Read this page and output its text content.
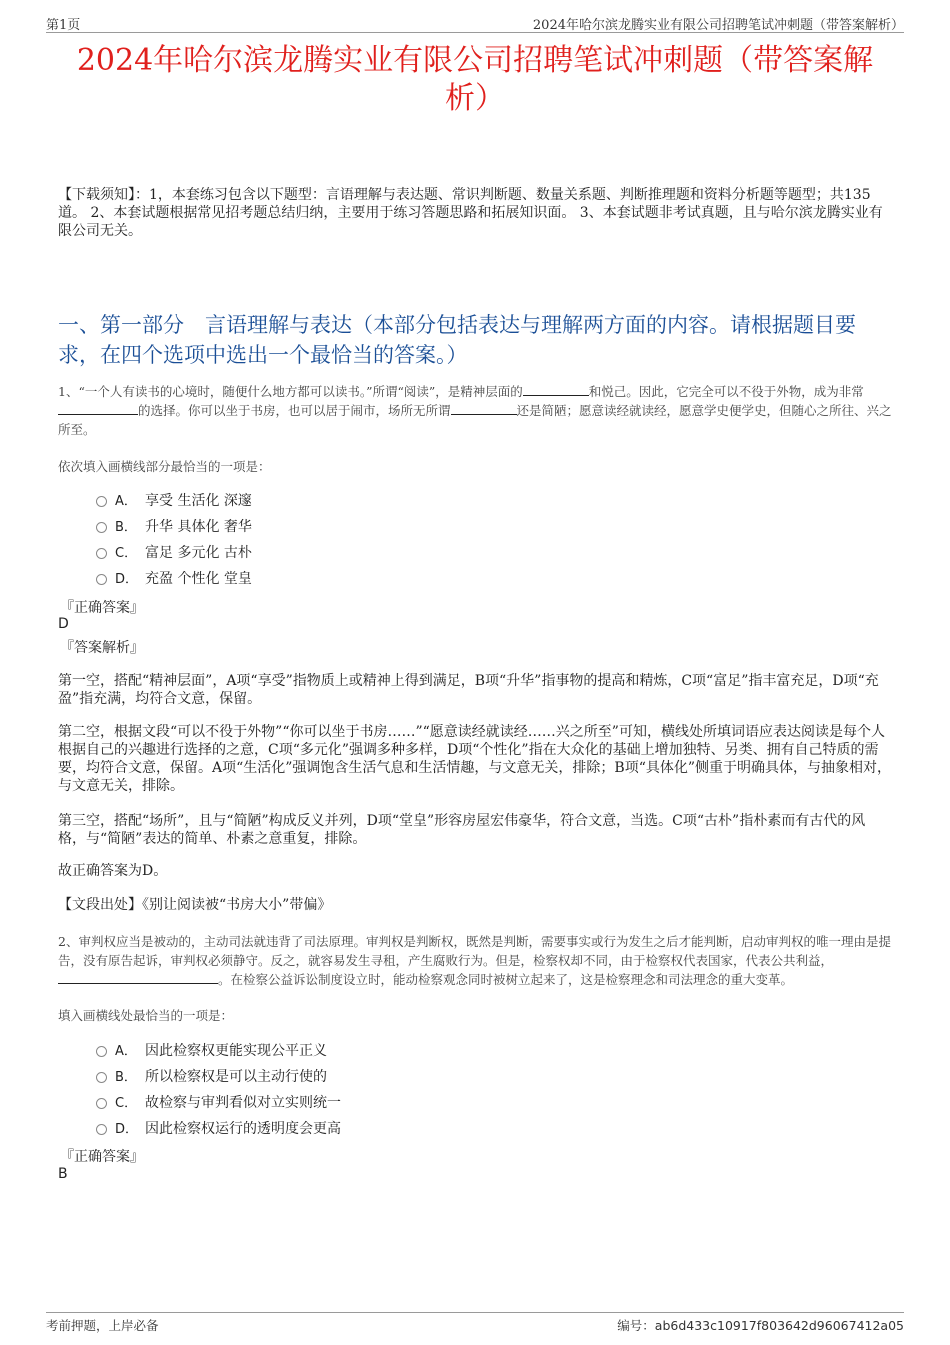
第1页	2024年哈尔滨龙腾实业有限公司招聘笔试冲刺题（带答案解析）
2024年哈尔滨龙腾实业有限公司招聘笔试冲刺题（带答案解析）
【下载须知】：1，本套练习包含以下题型：言语理解与表达题、常识判断题、数量关系题、判断推理题和资料分析题等题型；共135道。 2、本套试题根据常见招考题总结归纳，主要用于练习答题思路和拓展知识面。 3、本套试题非考试真题，且与哈尔滨龙腾实业有限公司无关。
一、第一部分　言语理解与表达（本部分包括表达与理解两方面的内容。请根据题目要求，在四个选项中选出一个最恰当的答案。）
1、“一个人有读书的心境时，随便什么地方都可以读书。”所谓“阅读”，是精神层面的	和悦己。因此，它完全可以不役于外物，成为非常的选择。你可以坐于书房，也可以居于闹市，场所无所谓	还是简陋；愿意读经就读经，愿意学史便学史，但随心之所往、兴之所至。
依次填入画横线部分最恰当的一项是：
A． 享受 生活化 深邃
B． 升华 具体化 奢华
C． 富足 多元化 古朴
D． 充盈 个性化 堂皇
『正确答案』
D
『答案解析』
第一空，搭配“精神层面”，A项“享受”指物质上或精神上得到满足，B项“升华”指事物的提高和精炼，C项“富足”指丰富充足，D项“充盈”指充满，均符合文意，保留。
第二空，根据文段“可以不役于外物”“你可以坐于书房……”“愿意读经就读经……兴之所至”可知，横线处所填词语应表达阅读是每个人根据自己的兴趣进行选择的之意，C项“多元化”强调多种多样，D项“个性化”指在大众化的基础上增加独特、另类、拥有自己特质的需要，均符合文意，保留。A项“生活化”强调饱含生活气息和生活情趣，与文意无关，排除；B项“具体化”侧重于明确具体，与抽象相对，与文意无关，排除。
第三空，搭配“场所”，且与“简陋”构成反义并列，D项“堂皇”形容房屋宏伟豪华，符合文意，当选。C项“古朴”指朴素而有古代的风格，与“简陋”表达的简单、朴素之意重复，排除。
故正确答案为D。
【文段出处】《别让阅读被“书房大小”带偏》
2、审判权应当是被动的，主动司法就违背了司法原理。审判权是判断权，既然是判断，需要事实或行为发生之后才能判断，启动审判权的唯一理由是提告，没有原告起诉，审判权必须静守。反之，就容易发生寻租，产生腐败行为。但是，检察权却不同，由于检察权代表国家，代表公共利益，。在检察公益诉讼制度设立时，能动检察观念同时被树立起来了，这是检察理念和司法理念的重大变革。
填入画横线处最恰当的一项是：
A． 因此检察权更能实现公平正义
B． 所以检察权是可以主动行使的
C． 故检察与审判看似对立实则统一
D． 因此检察权运行的透明度会更高
『正确答案』
B
考前押题，上岸必备	编号：ab6d433c10917f803642d96067412a05
